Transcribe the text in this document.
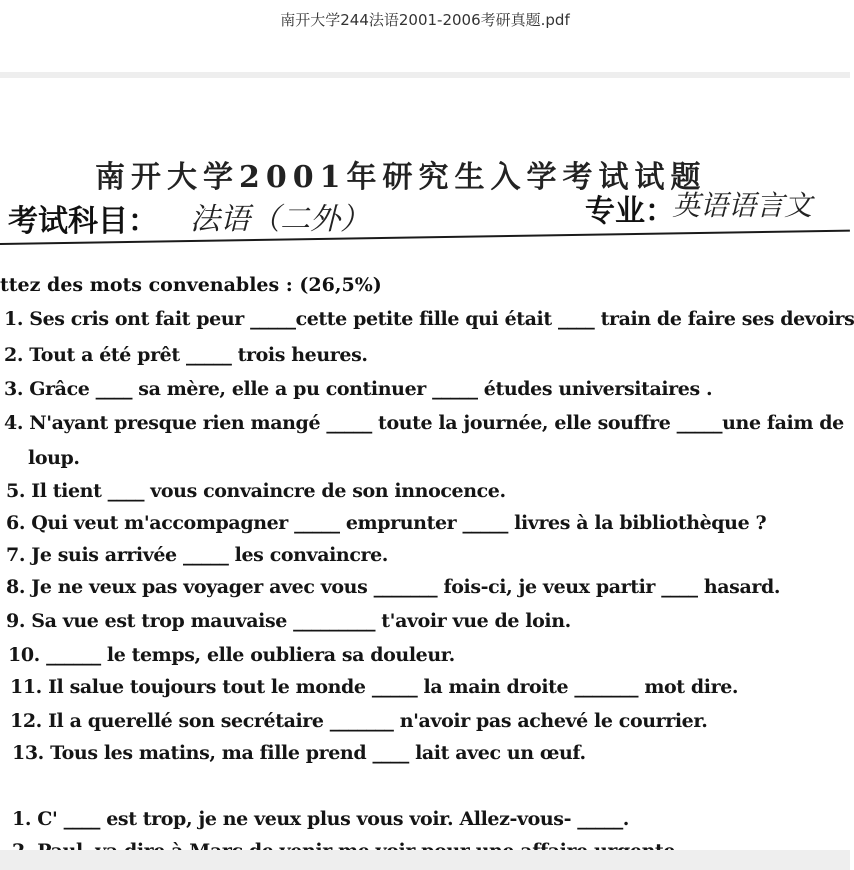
南开大学244法语2001-2006考研真题.pdf
南开大学2001年研究生入学考试试题
考试科目： 法语（二外）	专业：
英语语言文
ttez des mots convenables : (26,5%)
1. Ses cris ont fait peur _____cette petite fille qui était ____ train de faire ses devoirs
2. Tout a été prêt _____ trois heures.
3. Grâce ____ sa mère, elle a pu continuer _____ études universitaires .
4. N'ayant presque rien mangé _____ toute la journée, elle souffre _____une faim de
loup.
5. Il tient ____ vous convaincre de son innocence.
6. Qui veut m'accompagner _____ emprunter _____ livres à la bibliothèque ?
7. Je suis arrivée _____ les convaincre.
8. Je ne veux pas voyager avec vous _______ fois-ci, je veux partir ____ hasard.
9. Sa vue est trop mauvaise _________ t'avoir vue de loin.
10. ______ le temps, elle oubliera sa douleur.
11. Il salue toujours tout le monde _____ la main droite _______ mot dire.
12. Il a querellé son secrétaire _______ n'avoir pas achevé le courrier.
13. Tous les matins, ma fille prend ____ lait avec un œuf.
1. C' ____ est trop, je ne veux plus vous voir. Allez-vous- _____.
